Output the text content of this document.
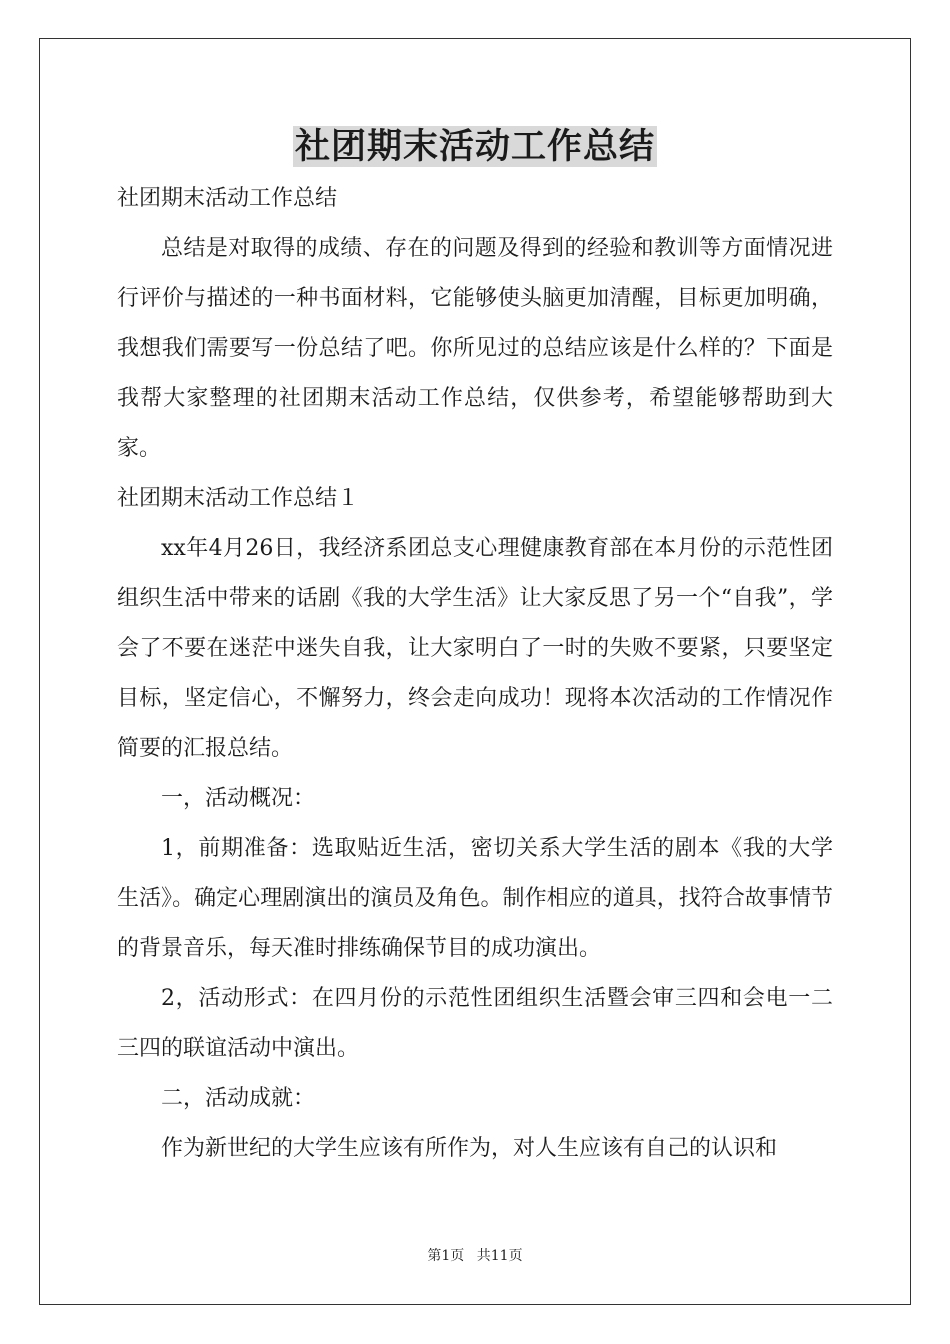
社团期末活动工作总结

社团期末活动工作总结

总结是对取得的成绩、存在的问题及得到的经验和教训等方面情况进行评价与描述的一种书面材料，它能够使头脑更加清醒，目标更加明确，我想我们需要写一份总结了吧。你所见过的总结应该是什么样的？下面是我帮大家整理的社团期末活动工作总结，仅供参考，希望能够帮助到大家。

社团期末活动工作总结１

xx年4月26日，我经济系团总支心理健康教育部在本月份的示范性团组织生活中带来的话剧《我的大学生活》让大家反思了另一个“自我”，学会了不要在迷茫中迷失自我，让大家明白了一时的失败不要紧，只要坚定目标，坚定信心，不懈努力，终会走向成功！现将本次活动的工作情况作简要的汇报总结。

一，活动概况：

1，前期准备：选取贴近生活，密切关系大学生活的剧本《我的大学生活》。确定心理剧演出的演员及角色。制作相应的道具，找符合故事情节的背景音乐，每天准时排练确保节目的成功演出。

2，活动形式：在四月份的示范性团组织生活暨会审三四和会电一二三四的联谊活动中演出。

二，活动成就：

作为新世纪的大学生应该有所作为，对人生应该有自己的认识和

第1页 共11页
